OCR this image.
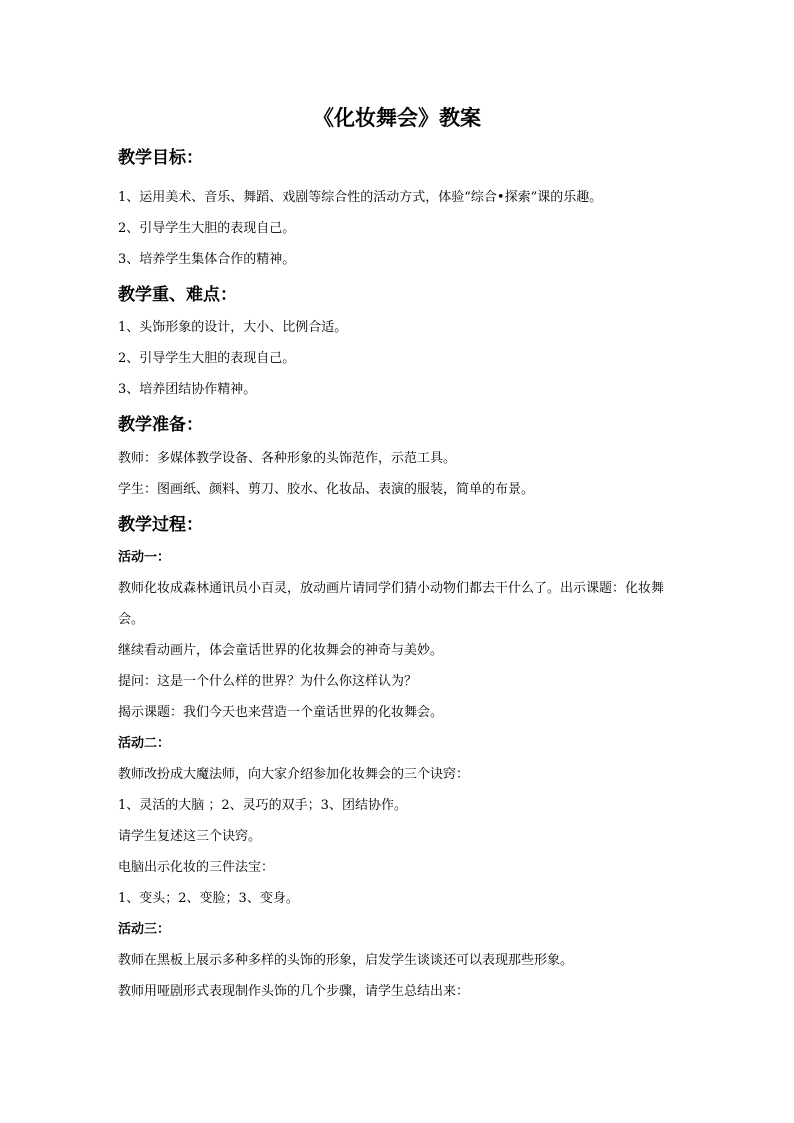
《化妆舞会》教案
教学目标：
1、运用美术、音乐、舞蹈、戏剧等综合性的活动方式，体验“综合•探索”课的乐趣。
2、引导学生大胆的表现自己。
3、培养学生集体合作的精神。
教学重、难点：
1、头饰形象的设计，大小、比例合适。
2、引导学生大胆的表现自己。
3、培养团结协作精神。
教学准备：
教师：多媒体教学设备、各种形象的头饰范作，示范工具。
学生：图画纸、颜料、剪刀、胶水、化妆品、表演的服装，简单的布景。
教学过程：
活动一：
教师化妆成森林通讯员小百灵，放动画片请同学们猜小动物们都去干什么了。出示课题：化妆舞会。
继续看动画片，体会童话世界的化妆舞会的神奇与美妙。
提问：这是一个什么样的世界？为什么你这样认为？
揭示课题：我们今天也来营造一个童话世界的化妆舞会。
活动二：
教师改扮成大魔法师，向大家介绍参加化妆舞会的三个诀窍：
1、灵活的大脑 ；2、灵巧的双手；3、团结协作。
请学生复述这三个诀窍。
电脑出示化妆的三件法宝：
1、变头；2、变脸；3、变身。
活动三：
教师在黑板上展示多种多样的头饰的形象，启发学生谈谈还可以表现那些形象。
教师用哑剧形式表现制作头饰的几个步骤，请学生总结出来：
